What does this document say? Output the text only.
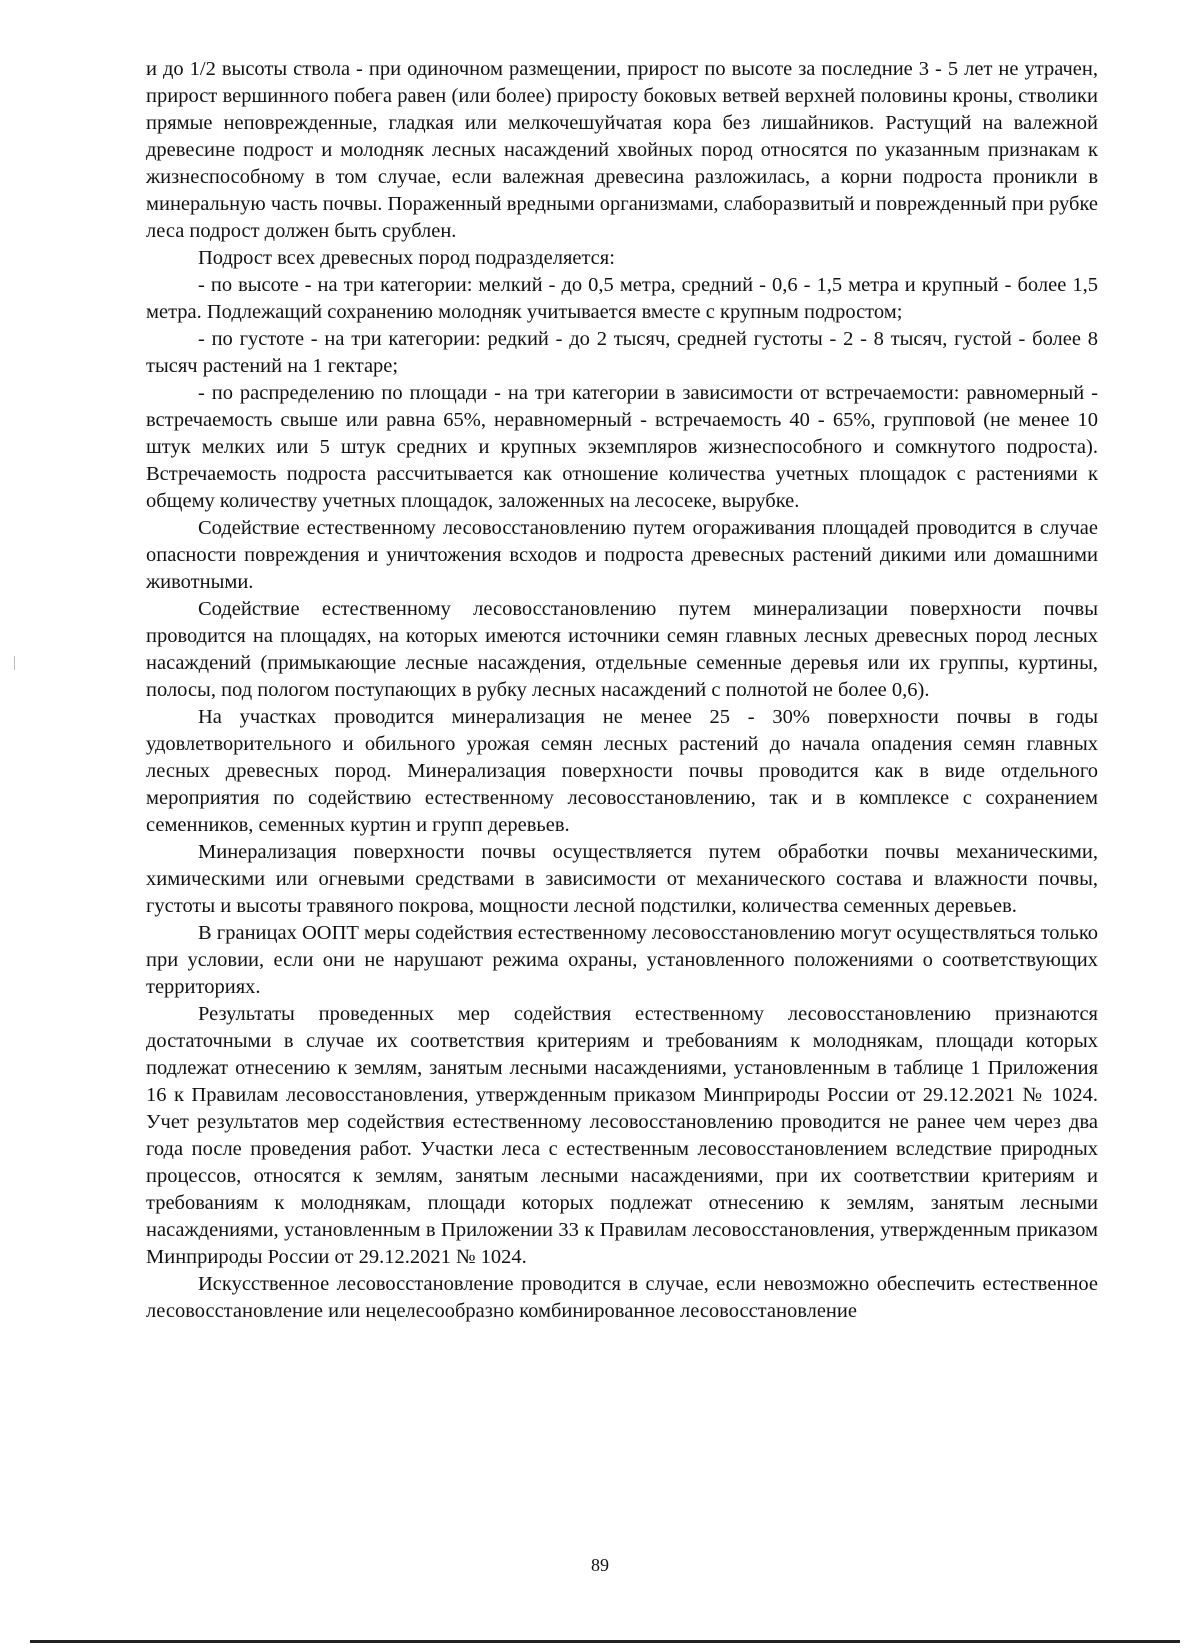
и до 1/2 высоты ствола - при одиночном размещении, прирост по высоте за последние 3 - 5 лет не утрачен, прирост вершинного побега равен (или более) приросту боковых ветвей верхней половины кроны, стволики прямые неповрежденные, гладкая или мелкочешуйчатая кора без лишайников. Растущий на валежной древесине подрост и молодняк лесных насаждений хвойных пород относятся по указанным признакам к жизнеспособному в том случае, если валежная древесина разложилась, а корни подроста проникли в минеральную часть почвы. Пораженный вредными организмами, слаборазвитый и поврежденный при рубке леса подрост должен быть срублен.

Подрост всех древесных пород подразделяется:

- по высоте - на три категории: мелкий - до 0,5 метра, средний - 0,6 - 1,5 метра и крупный - более 1,5 метра. Подлежащий сохранению молодняк учитывается вместе с крупным подростом;

- по густоте - на три категории: редкий - до 2 тысяч, средней густоты - 2 - 8 тысяч, густой - более 8 тысяч растений на 1 гектаре;

- по распределению по площади - на три категории в зависимости от встречаемости: равномерный - встречаемость свыше или равна 65%, неравномерный - встречаемость 40 - 65%, групповой (не менее 10 штук мелких или 5 штук средних и крупных экземпляров жизнеспособного и сомкнутого подроста). Встречаемость подроста рассчитывается как отношение количества учетных площадок с растениями к общему количеству учетных площадок, заложенных на лесосеке, вырубке.

Содействие естественному лесовосстановлению путем огораживания площадей проводится в случае опасности повреждения и уничтожения всходов и подроста древесных растений дикими или домашними животными.

Содействие естественному лесовосстановлению путем минерализации поверхности почвы проводится на площадях, на которых имеются источники семян главных лесных древесных пород лесных насаждений (примыкающие лесные насаждения, отдельные семенные деревья или их группы, куртины, полосы, под пологом поступающих в рубку лесных насаждений с полнотой не более 0,6).

На участках проводится минерализация не менее 25 - 30% поверхности почвы в годы удовлетворительного и обильного урожая семян лесных растений до начала опадения семян главных лесных древесных пород. Минерализация поверхности почвы проводится как в виде отдельного мероприятия по содействию естественному лесовосстановлению, так и в комплексе с сохранением семенников, семенных куртин и групп деревьев.

Минерализация поверхности почвы осуществляется путем обработки почвы механическими, химическими или огневыми средствами в зависимости от механического состава и влажности почвы, густоты и высоты травяного покрова, мощности лесной подстилки, количества семенных деревьев.

В границах ООПТ меры содействия естественному лесовосстановлению могут осуществляться только при условии, если они не нарушают режима охраны, установленного положениями о соответствующих территориях.

Результаты проведенных мер содействия естественному лесовосстановлению признаются достаточными в случае их соответствия критериям и требованиям к молоднякам, площади которых подлежат отнесению к землям, занятым лесными насаждениями, установленным в таблице 1 Приложения 16 к Правилам лесовосстановления, утвержденным приказом Минприроды России от 29.12.2021 № 1024. Учет результатов мер содействия естественному лесовосстановлению проводится не ранее чем через два года после проведения работ. Участки леса с естественным лесовосстановлением вследствие природных процессов, относятся к землям, занятым лесными насаждениями, при их соответствии критериям и требованиям к молоднякам, площади которых подлежат отнесению к землям, занятым лесными насаждениями, установленным в Приложении 33 к Правилам лесовосстановления, утвержденным приказом Минприроды России от 29.12.2021 № 1024.

Искусственное лесовосстановление проводится в случае, если невозможно обеспечить естественное лесовосстановление или нецелесообразно комбинированное лесовосстановление

89
